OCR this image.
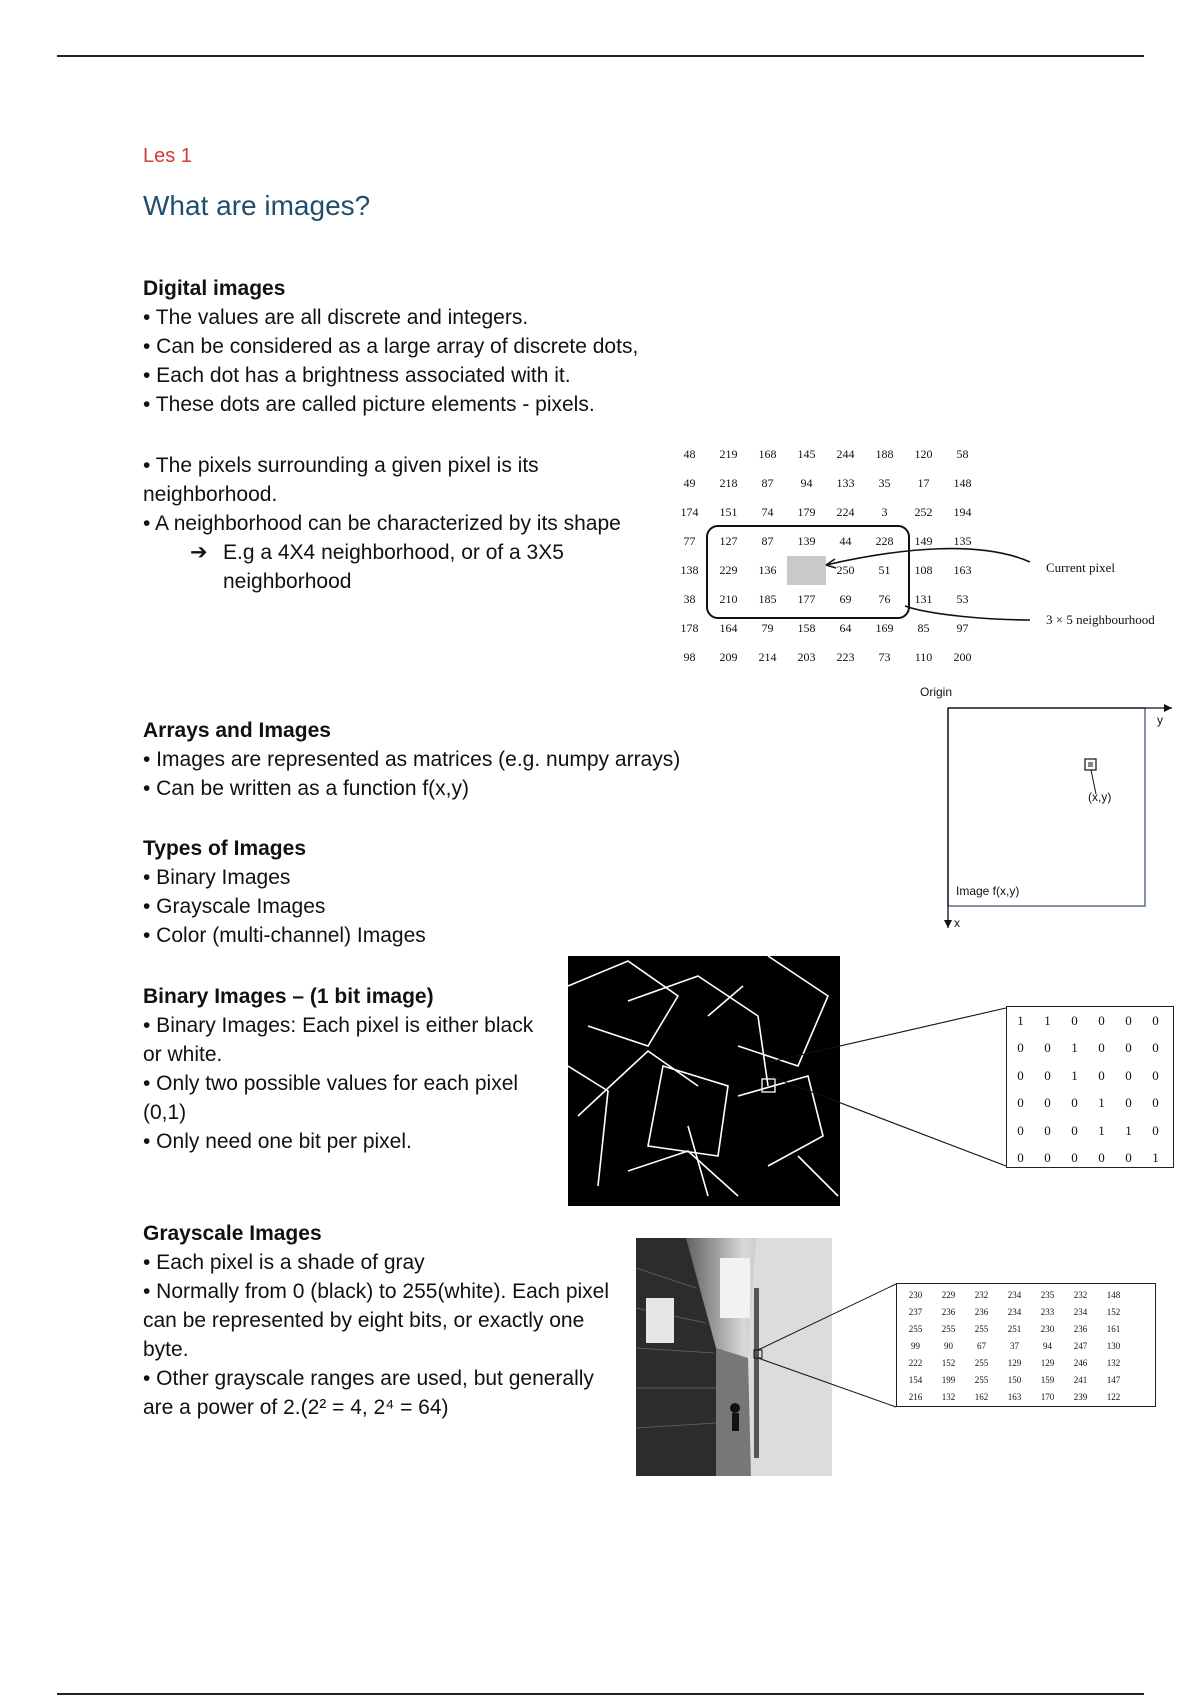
Les 1
What are images?
Digital images

• The values are all discrete and integers.

• Can be considered as a large array of discrete dots,

• Each dot has a brightness associated with it.

• These dots are called picture elements - pixels.

• The pixels surrounding a given pixel is its neighborhood.

• A neighborhood can be characterized by its shape

➔ E.g a 4X4 neighborhood, or of a 3X5 neighborhood

48	219	168	145	244	188	120	58
49	218	87	94	133	35	17	148
174	151	74	179	224	3	252	194
77	127	87	139	44	228	149	135
138	229	136		250	51	108	163
38	210	185	177	69	76	131	53
178	164	79	158	64	169	85	97
98	209	214	203	223	73	110	200
Current pixel
3 × 5 neighbourhood
Arrays and Images

• Images are represented as matrices (e.g. numpy arrays)

• Can be written as a function f(x,y)

Origin
y
x
(x,y)
Image f(x,y)
Types of Images

• Binary Images

• Grayscale Images

• Color (multi-channel) Images

Binary Images – (1 bit image)

• Binary Images: Each pixel is either black or white.

• Only two possible values for each pixel (0,1)

• Only need one bit per pixel.

1	1	0	0	0	0
0	0	1	0	0	0
0	0	1	0	0	0
0	0	0	1	0	0
0	0	0	1	1	0
0	0	0	0	0	1
Grayscale Images

• Each pixel is a shade of gray

• Normally from 0 (black) to 255(white). Each pixel can be represented by eight bits, or exactly one byte.

• Other grayscale ranges are used, but generally are a power of 2.(2² = 4, 2⁴ = 64)

230	229	232	234	235	232	148
237	236	236	234	233	234	152
255	255	255	251	230	236	161
99	90	67	37	94	247	130
222	152	255	129	129	246	132
154	199	255	150	159	241	147
216	132	162	163	170	239	122
